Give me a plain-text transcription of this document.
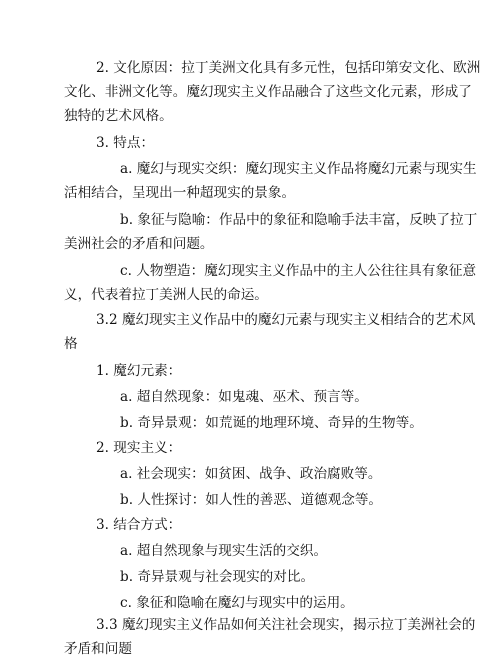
2. 文化原因：拉丁美洲文化具有多元性，包括印第安文化、欧洲
文化、非洲文化等。魔幻现实主义作品融合了这些文化元素，形成了
独特的艺术风格。
3. 特点：
a. 魔幻与现实交织：魔幻现实主义作品将魔幻元素与现实生
活相结合，呈现出一种超现实的景象。
b. 象征与隐喻：作品中的象征和隐喻手法丰富，反映了拉丁
美洲社会的矛盾和问题。
c. 人物塑造：魔幻现实主义作品中的主人公往往具有象征意
义，代表着拉丁美洲人民的命运。
3.2 魔幻现实主义作品中的魔幻元素与现实主义相结合的艺术风
格
1. 魔幻元素：
a. 超自然现象：如鬼魂、巫术、预言等。
b. 奇异景观：如荒诞的地理环境、奇异的生物等。
2. 现实主义：
a. 社会现实：如贫困、战争、政治腐败等。
b. 人性探讨：如人性的善恶、道德观念等。
3. 结合方式：
a. 超自然现象与现实生活的交织。
b. 奇异景观与社会现实的对比。
c. 象征和隐喻在魔幻与现实中的运用。
3.3 魔幻现实主义作品如何关注社会现实，揭示拉丁美洲社会的
矛盾和问题
